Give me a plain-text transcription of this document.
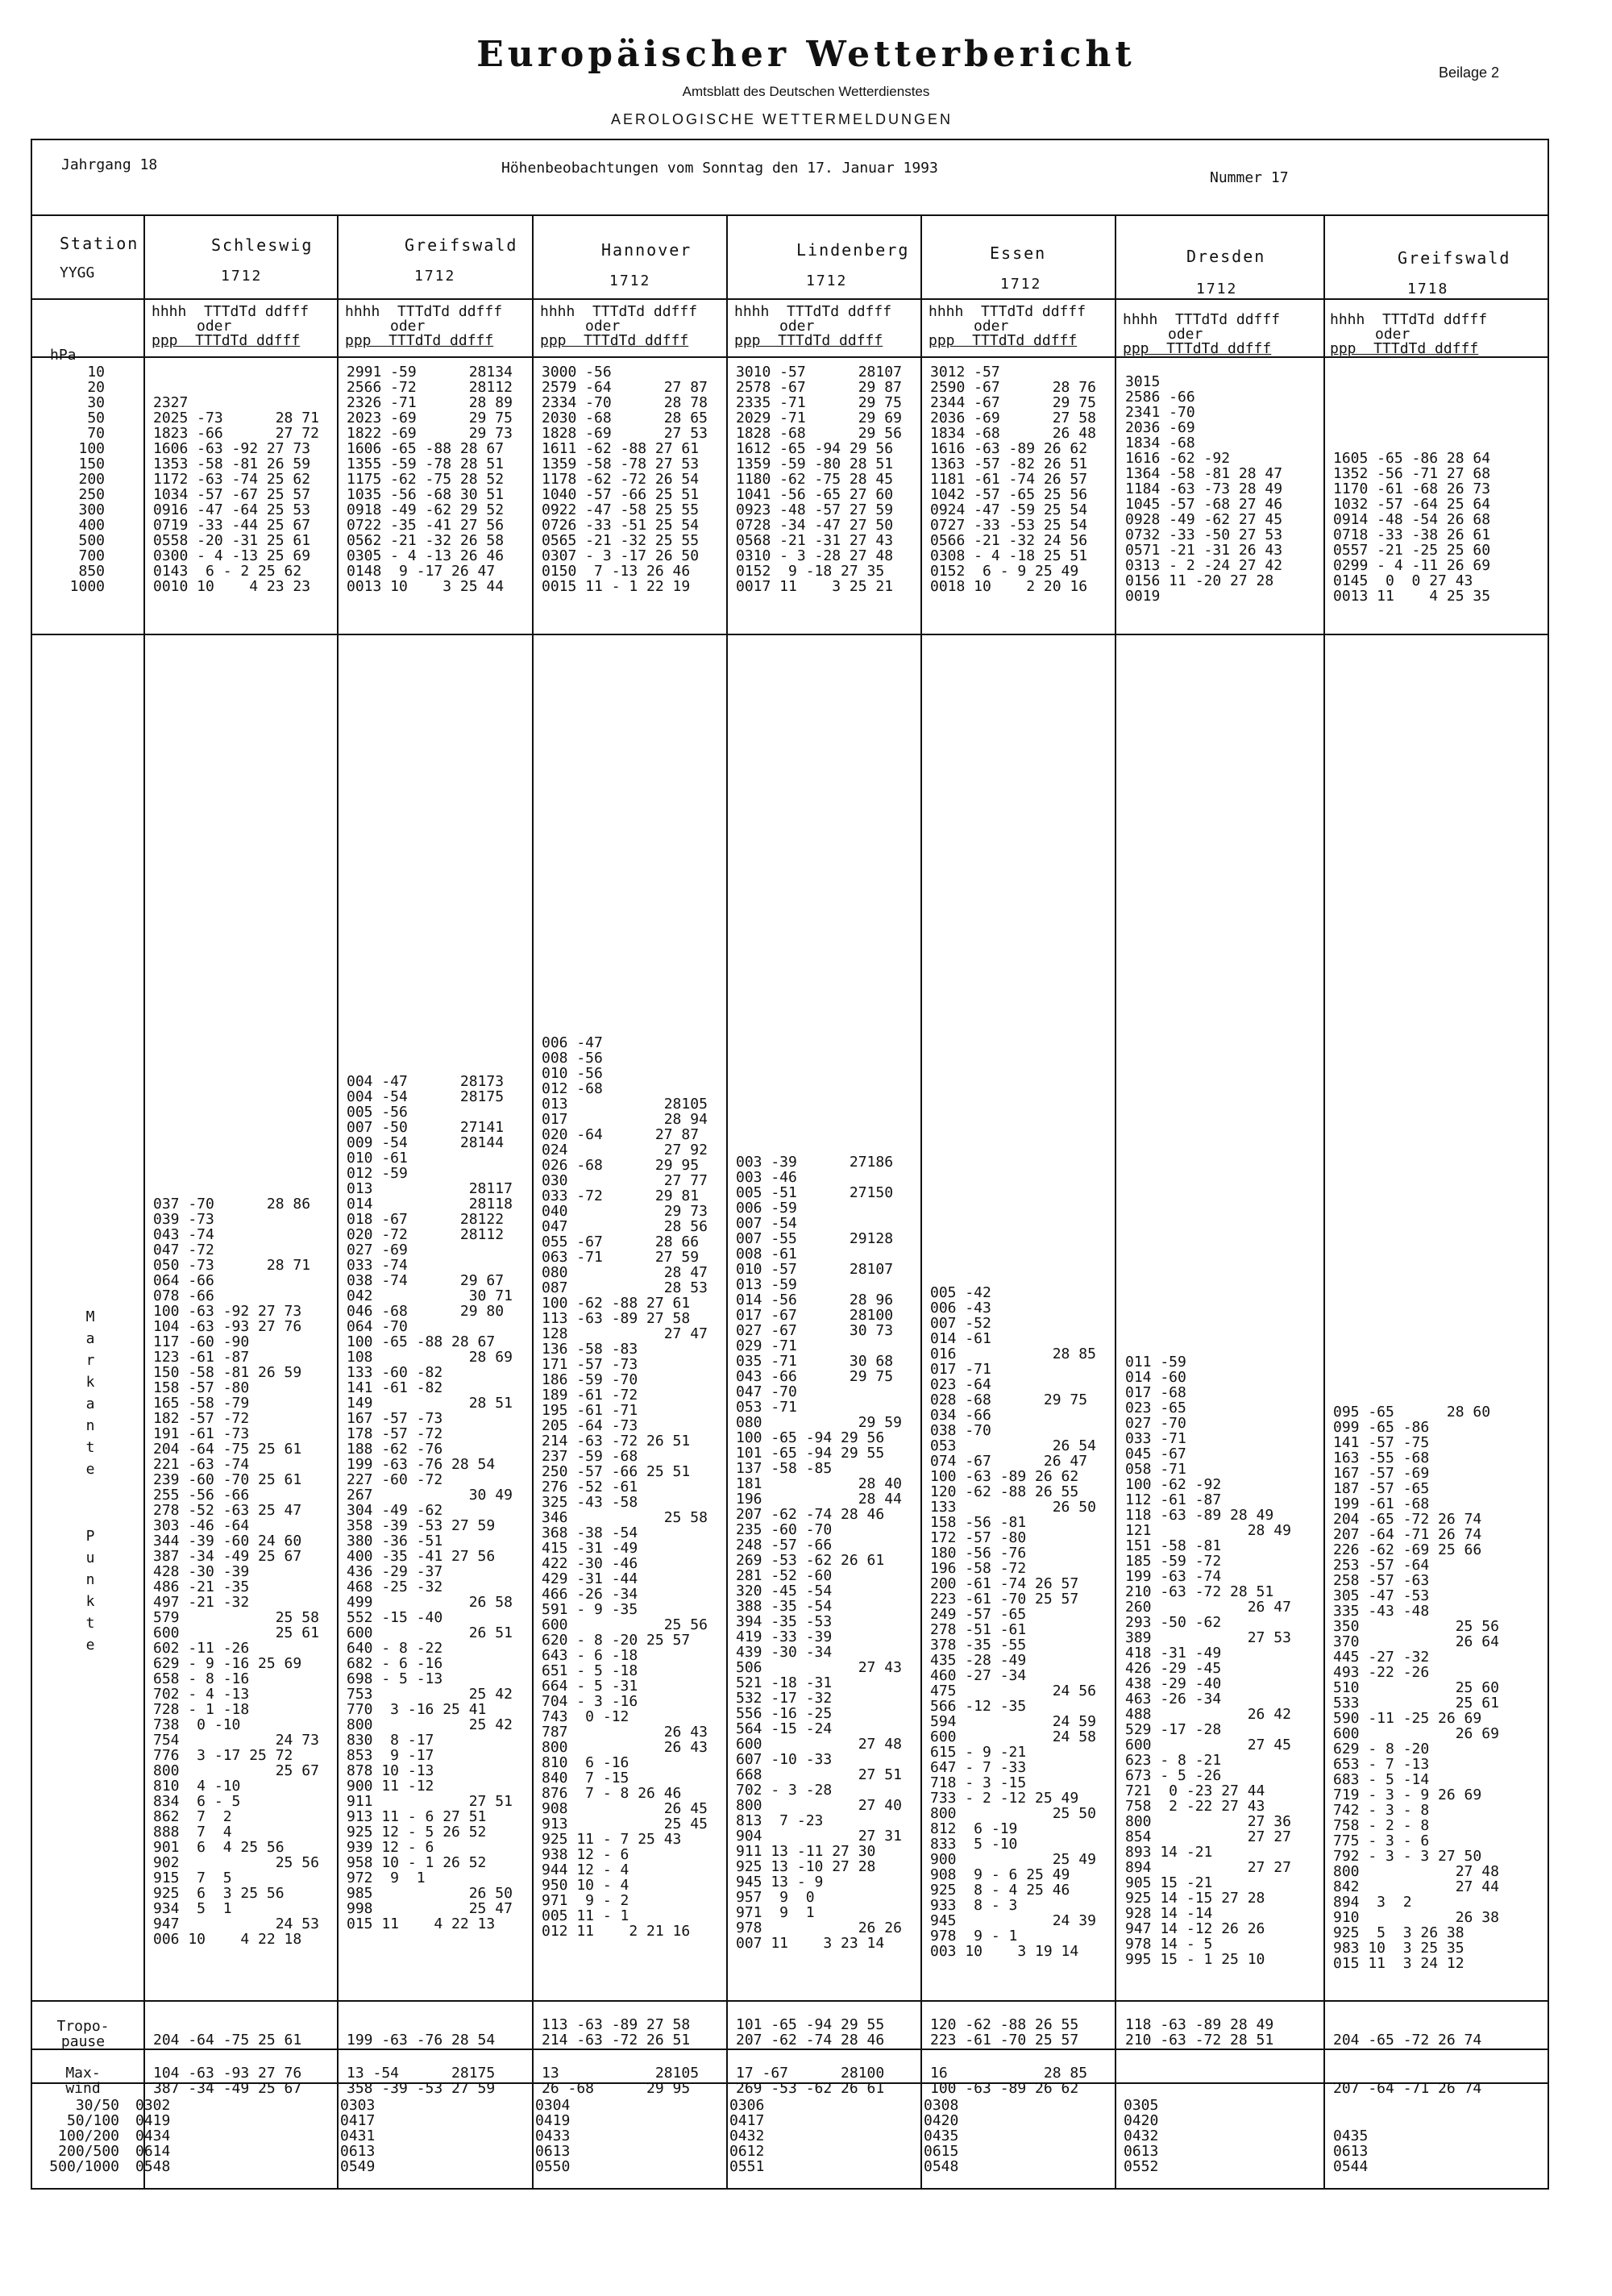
Europäischer Wetterbericht
Amtsblatt des Deutschen Wetterdienstes
AEROLOGISCHE WETTERMELDUNGEN
Beilage 2
Jahrgang 18	Höhenbeobachtungen vom Sonntag den 17. Januar 1993
Nummer 17
Station
YYGG
hPa
10
20
30
50
70
100
150
200
250
300
400
500
700
850
1000
M
a
r
k
a
n
t
e
P
u
n
k
t
e
Tropo-
pause
Max-
wind
30/50
50/100
100/200
200/500
500/1000
Schleswig
1712
hhhh  TTTdTd ddfff
oder
ppp  TTTdTd ddfff

2327
2025 -73      28 71
1823 -66      27 72
1606 -63 -92 27 73
1353 -58 -81 26 59
1172 -63 -74 25 62
1034 -57 -67 25 57
0916 -47 -64 25 53
0719 -33 -44 25 67
0558 -20 -31 25 61
0300 - 4 -13 25 69
0143  6 - 2 25 62
0010 10    4 23 23
037 -70      28 86
039 -73
043 -74
047 -72
050 -73      28 71
064 -66
078 -66
100 -63 -92 27 73
104 -63 -93 27 76
117 -60 -90
123 -61 -87
150 -58 -81 26 59
158 -57 -80
165 -58 -79
182 -57 -72
191 -61 -73
204 -64 -75 25 61
221 -63 -74
239 -60 -70 25 61
255 -56 -66
278 -52 -63 25 47
303 -46 -64
344 -39 -60 24 60
387 -34 -49 25 67
428 -30 -39
486 -21 -35
497 -21 -32
579           25 58
600           25 61
602 -11 -26
629 - 9 -16 25 69
658 - 8 -16
702 - 4 -13
728 - 1 -18
738  0 -10
754           24 73
776  3 -17 25 72
800           25 67
810  4 -10
834  6 - 5
862  7  2
888  7  4
901  6  4 25 56
902           25 56
915  7  5
925  6  3 25 56
934  5  1
947           24 53
006 10    4 22 18

204 -64 -75 25 61
104 -63 -93 27 76
387 -34 -49 25 67
0302
0419
0434
0614
0548
Greifswald
1712
hhhh  TTTdTd ddfff
oder
ppp  TTTdTd ddfff
2991 -59      28134
2566 -72      28112
2326 -71      28 89
2023 -69      29 75
1822 -69      29 73
1606 -65 -88 28 67
1355 -59 -78 28 51
1175 -62 -75 28 52
1035 -56 -68 30 51
0918 -49 -62 29 52
0722 -35 -41 27 56
0562 -21 -32 26 58
0305 - 4 -13 26 46
0148  9 -17 26 47
0013 10    3 25 44
004 -47      28173
004 -54      28175
005 -56
007 -50      27141
009 -54      28144
010 -61
012 -59
013           28117
014           28118
018 -67      28122
020 -72      28112
027 -69
033 -74
038 -74      29 67
042           30 71
046 -68      29 80
064 -70
100 -65 -88 28 67
108           28 69
133 -60 -82
141 -61 -82
149           28 51
167 -57 -73
178 -57 -72
188 -62 -76
199 -63 -76 28 54
227 -60 -72
267           30 49
304 -49 -62
358 -39 -53 27 59
380 -36 -51
400 -35 -41 27 56
436 -29 -37
468 -25 -32
499           26 58
552 -15 -40
600           26 51
640 - 8 -22
682 - 6 -16
698 - 5 -13
753           25 42
770  3 -16 25 41
800           25 42
830  8 -17
853  9 -17
878 10 -13
900 11 -12
911           27 51
913 11 - 6 27 51
925 12 - 5 26 52
939 12 - 6
958 10 - 1 26 52
972  9  1
985           26 50
998           25 47
015 11    4 22 13

199 -63 -76 28 54
13 -54      28175
358 -39 -53 27 59
0303
0417
0431
0613
0549
Hannover
1712
hhhh  TTTdTd ddfff
oder
ppp  TTTdTd ddfff
3000 -56
2579 -64      27 87
2334 -70      28 78
2030 -68      28 65
1828 -69      27 53
1611 -62 -88 27 61
1359 -58 -78 27 53
1178 -62 -72 26 54
1040 -57 -66 25 51
0922 -47 -58 25 55
0726 -33 -51 25 54
0565 -21 -32 25 55
0307 - 3 -17 26 50
0150  7 -13 26 46
0015 11 - 1 22 19
006 -47
008 -56
010 -56
012 -68
013           28105
017           28 94
020 -64      27 87
024           27 92
026 -68      29 95
030           27 77
033 -72      29 81
040           29 73
047           28 56
055 -67      28 66
063 -71      27 59
080           28 47
087           28 53
100 -62 -88 27 61
113 -63 -89 27 58
128           27 47
136 -58 -83
171 -57 -73
186 -59 -70
189 -61 -72
195 -61 -71
205 -64 -73
214 -63 -72 26 51
237 -59 -68
250 -57 -66 25 51
276 -52 -61
325 -43 -58
346           25 58
368 -38 -54
415 -31 -49
422 -30 -46
429 -31 -44
466 -26 -34
591 - 9 -35
600           25 56
620 - 8 -20 25 57
643 - 6 -18
651 - 5 -18
664 - 5 -31
704 - 3 -16
743  0 -12
787           26 43
800           26 43
810  6 -16
840  7 -15
876  7 - 8 26 46
908           26 45
913           25 45
925 11 - 7 25 43
938 12 - 6
944 12 - 4
950 10 - 4
971  9 - 2
005 11 - 1
012 11    2 21 16
113 -63 -89 27 58
214 -63 -72 26 51
13           28105
26 -68      29 95
0304
0419
0433
0613
0550
Lindenberg
1712
hhhh  TTTdTd ddfff
oder
ppp  TTTdTd ddfff
3010 -57      28107
2578 -67      29 87
2335 -71      29 75
2029 -71      29 69
1828 -68      29 56
1612 -65 -94 29 56
1359 -59 -80 28 51
1180 -62 -75 28 45
1041 -56 -65 27 60
0923 -48 -57 27 59
0728 -34 -47 27 50
0568 -21 -31 27 43
0310 - 3 -28 27 48
0152  9 -18 27 35
0017 11    3 25 21
003 -39      27186
003 -46
005 -51      27150
006 -59
007 -54
007 -55      29128
008 -61
010 -57      28107
013 -59
014 -56      28 96
017 -67      28100
027 -67      30 73
029 -71
035 -71      30 68
043 -66      29 75
047 -70
053 -71
080           29 59
100 -65 -94 29 56
101 -65 -94 29 55
137 -58 -85
181           28 40
196           28 44
207 -62 -74 28 46
235 -60 -70
248 -57 -66
269 -53 -62 26 61
281 -52 -60
320 -45 -54
388 -35 -54
394 -35 -53
419 -33 -39
439 -30 -34
506           27 43
521 -18 -31
532 -17 -32
556 -16 -25
564 -15 -24
600           27 48
607 -10 -33
668           27 51
702 - 3 -28
800           27 40
813  7 -23
904           27 31
911 13 -11 27 30
925 13 -10 27 28
945 13 - 9
957  9  0
971  9  1
978           26 26
007 11    3 23 14
101 -65 -94 29 55
207 -62 -74 28 46
17 -67      28100
269 -53 -62 26 61
0306
0417
0432
0612
0551
Essen
1712
hhhh  TTTdTd ddfff
oder
ppp  TTTdTd ddfff
3012 -57
2590 -67      28 76
2344 -67      29 75
2036 -69      27 58
1834 -68      26 48
1616 -63 -89 26 62
1363 -57 -82 26 51
1181 -61 -74 26 57
1042 -57 -65 25 56
0924 -47 -59 25 54
0727 -33 -53 25 54
0566 -21 -32 24 56
0308 - 4 -18 25 51
0152  6 - 9 25 49
0018 10    2 20 16
005 -42
006 -43
007 -52
014 -61
016           28 85
017 -71
023 -64
028 -68      29 75
034 -66
038 -70
053           26 54
074 -67      26 47
100 -63 -89 26 62
120 -62 -88 26 55
133           26 50
158 -56 -81
172 -57 -80
180 -56 -76
196 -58 -72
200 -61 -74 26 57
223 -61 -70 25 57
249 -57 -65
278 -51 -61
378 -35 -55
435 -28 -49
460 -27 -34
475           24 56
566 -12 -35
594           24 59
600           24 58
615 - 9 -21
647 - 7 -33
718 - 3 -15
733 - 2 -12 25 49
800           25 50
812  6 -19
833  5 -10
900           25 49
908  9 - 6 25 49
925  8 - 4 25 46
933  8 - 3
945           24 39
978  9 - 1
003 10    3 19 14
120 -62 -88 26 55
223 -61 -70 25 57
16           28 85
100 -63 -89 26 62
0308
0420
0435
0615
0548
Dresden
1712
hhhh  TTTdTd ddfff
oder
ppp  TTTdTd ddfff
3015
2586 -66
2341 -70
2036 -69
1834 -68
1616 -62 -92
1364 -58 -81 28 47
1184 -63 -73 28 49
1045 -57 -68 27 46
0928 -49 -62 27 45
0732 -33 -50 27 53
0571 -21 -31 26 43
0313 - 2 -24 27 42
0156 11 -20 27 28
0019
011 -59
014 -60
017 -68
023 -65
027 -70
033 -71
045 -67
058 -71
100 -62 -92
112 -61 -87
118 -63 -89 28 49
121           28 49
151 -58 -81
185 -59 -72
199 -63 -74
210 -63 -72 28 51
260           26 47
293 -50 -62
389           27 53
418 -31 -49
426 -29 -45
438 -29 -40
463 -26 -34
488           26 42
529 -17 -28
600           27 45
623 - 8 -21
673 - 5 -26
721  0 -23 27 44
758  2 -22 27 43
800           27 36
854           27 27
893 14 -21
894           27 27
905 15 -21
925 14 -15 27 28
928 14 -14
947 14 -12 26 26
978 14 - 5
995 15 - 1 25 10
118 -63 -89 28 49
210 -63 -72 28 51
0305
0420
0432
0613
0552
Greifswald
1718
hhhh  TTTdTd ddfff
oder
ppp  TTTdTd ddfff

1605 -65 -86 28 64
1352 -56 -71 27 68
1170 -61 -68 26 73
1032 -57 -64 25 64
0914 -48 -54 26 68
0718 -33 -38 26 61
0557 -21 -25 25 60
0299 - 4 -11 26 69
0145  0  0 27 43
0013 11    4 25 35
095 -65      28 60
099 -65 -86
141 -57 -75
163 -55 -68
167 -57 -69
187 -57 -65
199 -61 -68
204 -65 -72 26 74
207 -64 -71 26 74
226 -62 -69 25 66
253 -57 -64
258 -57 -63
305 -47 -53
335 -43 -48
350           25 56
370           26 64
445 -27 -32
493 -22 -26
510           25 60
533           25 61
590 -11 -25 26 69
600           26 69
629 - 8 -20
653 - 7 -13
683 - 5 -14
719 - 3 - 9 26 69
742 - 3 - 8
758 - 2 - 8
775 - 3 - 6
792 - 3 - 3 27 50
800           27 48
842           27 44
894  3  2
910           26 38
925  5  3 26 38
983 10  3 25 35
015 11  3 24 12

204 -65 -72 26 74

207 -64 -71 26 74

0435
0613
0544
